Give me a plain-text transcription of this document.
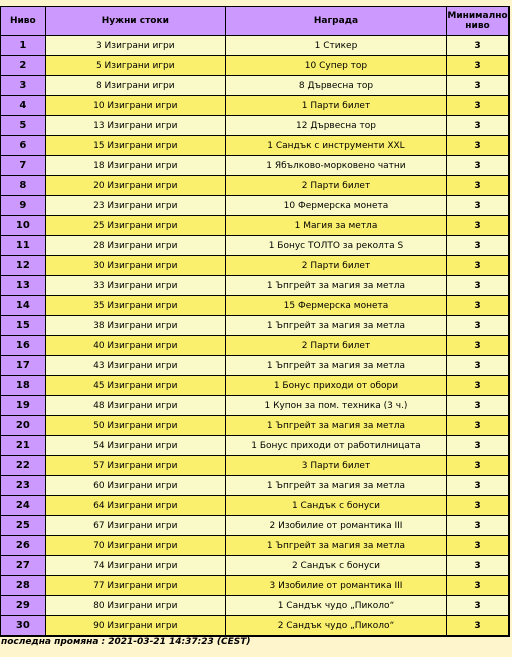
Ниво	Нужни стоки	Награда	Минимално
ниво
1	3 Изиграни игри	1 Стикер	3
2	5 Изиграни игри	10 Супер тор	3
3	8 Изиграни игри	8 Дървесна тор	3
4	10 Изиграни игри	1 Парти билет	3
5	13 Изиграни игри	12 Дървесна тор	3
6	15 Изиграни игри	1 Сандък с инструменти XXL	3
7	18 Изиграни игри	1 Ябълково-морковено чатни	3
8	20 Изиграни игри	2 Парти билет	3
9	23 Изиграни игри	10 Фермерска монета	3
10	25 Изиграни игри	1 Магия за метла	3
11	28 Изиграни игри	1 Бонус ТОЛТО за реколта S	3
12	30 Изиграни игри	2 Парти билет	3
13	33 Изиграни игри	1 Ъпгрейт за магия за метла	3
14	35 Изиграни игри	15 Фермерска монета	3
15	38 Изиграни игри	1 Ъпгрейт за магия за метла	3
16	40 Изиграни игри	2 Парти билет	3
17	43 Изиграни игри	1 Ъпгрейт за магия за метла	3
18	45 Изиграни игри	1 Бонус приходи от обори	3
19	48 Изиграни игри	1 Купон за пом. техника (3 ч.)	3
20	50 Изиграни игри	1 Ъпгрейт за магия за метла	3
21	54 Изиграни игри	1 Бонус приходи от работилницата	3
22	57 Изиграни игри	3 Парти билет	3
23	60 Изиграни игри	1 Ъпгрейт за магия за метла	3
24	64 Изиграни игри	1 Сандък с бонуси	3
25	67 Изиграни игри	2 Изобилие от романтика III	3
26	70 Изиграни игри	1 Ъпгрейт за магия за метла	3
27	74 Изиграни игри	2 Сандък с бонуси	3
28	77 Изиграни игри	3 Изобилие от романтика III	3
29	80 Изиграни игри	1 Сандък чудо „Пиколо“	3
30	90 Изиграни игри	2 Сандък чудо „Пиколо“	3
последна промяна : 2021-03-21 14:37:23 (CEST)
